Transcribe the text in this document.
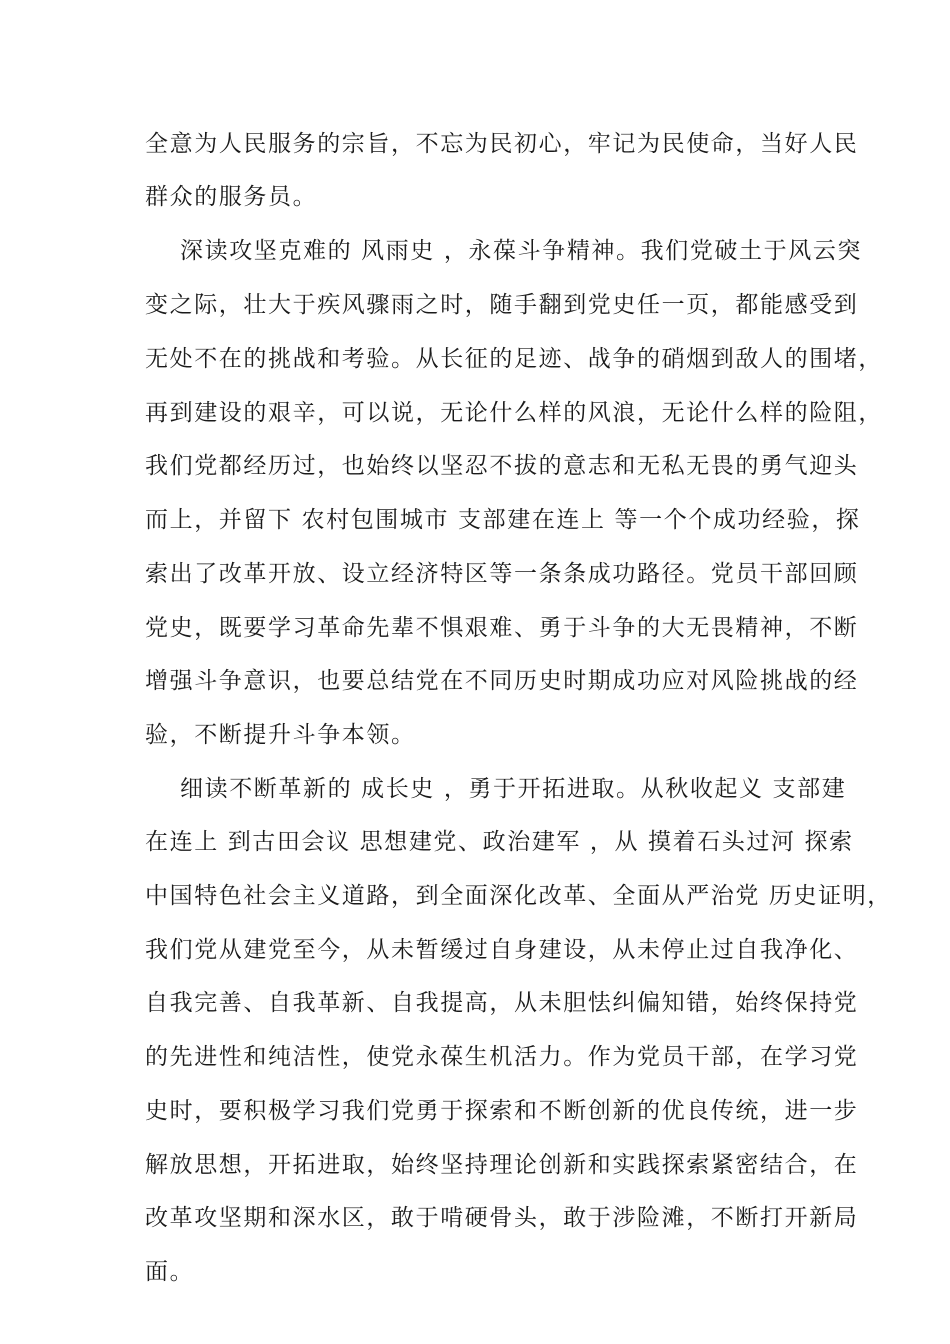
全意为人民服务的宗旨，不忘为民初心，牢记为民使命，当好人民

群众的服务员。

深读攻坚克难的 风雨史 ，永葆斗争精神。我们党破土于风云突

变之际，壮大于疾风骤雨之时，随手翻到党史任一页，都能感受到

无处不在的挑战和考验。从长征的足迹、战争的硝烟到敌人的围堵，

再到建设的艰辛，可以说，无论什么样的风浪，无论什么样的险阻，

我们党都经历过，也始终以坚忍不拔的意志和无私无畏的勇气迎头

而上，并留下 农村包围城市 支部建在连上 等一个个成功经验，探

索出了改革开放、设立经济特区等一条条成功路径。党员干部回顾

党史，既要学习革命先辈不惧艰难、勇于斗争的大无畏精神，不断

增强斗争意识，也要总结党在不同历史时期成功应对风险挑战的经

验，不断提升斗争本领。

细读不断革新的 成长史 ，勇于开拓进取。从秋收起义 支部建

在连上 到古田会议 思想建党、政治建军 ，从 摸着石头过河 探索

中国特色社会主义道路，到全面深化改革、全面从严治党 历史证明，

我们党从建党至今，从未暂缓过自身建设，从未停止过自我净化、

自我完善、自我革新、自我提高，从未胆怯纠偏知错，始终保持党

的先进性和纯洁性，使党永葆生机活力。作为党员干部，在学习党

史时，要积极学习我们党勇于探索和不断创新的优良传统，进一步

解放思想，开拓进取，始终坚持理论创新和实践探索紧密结合，在

改革攻坚期和深水区，敢于啃硬骨头，敢于涉险滩，不断打开新局

面。
